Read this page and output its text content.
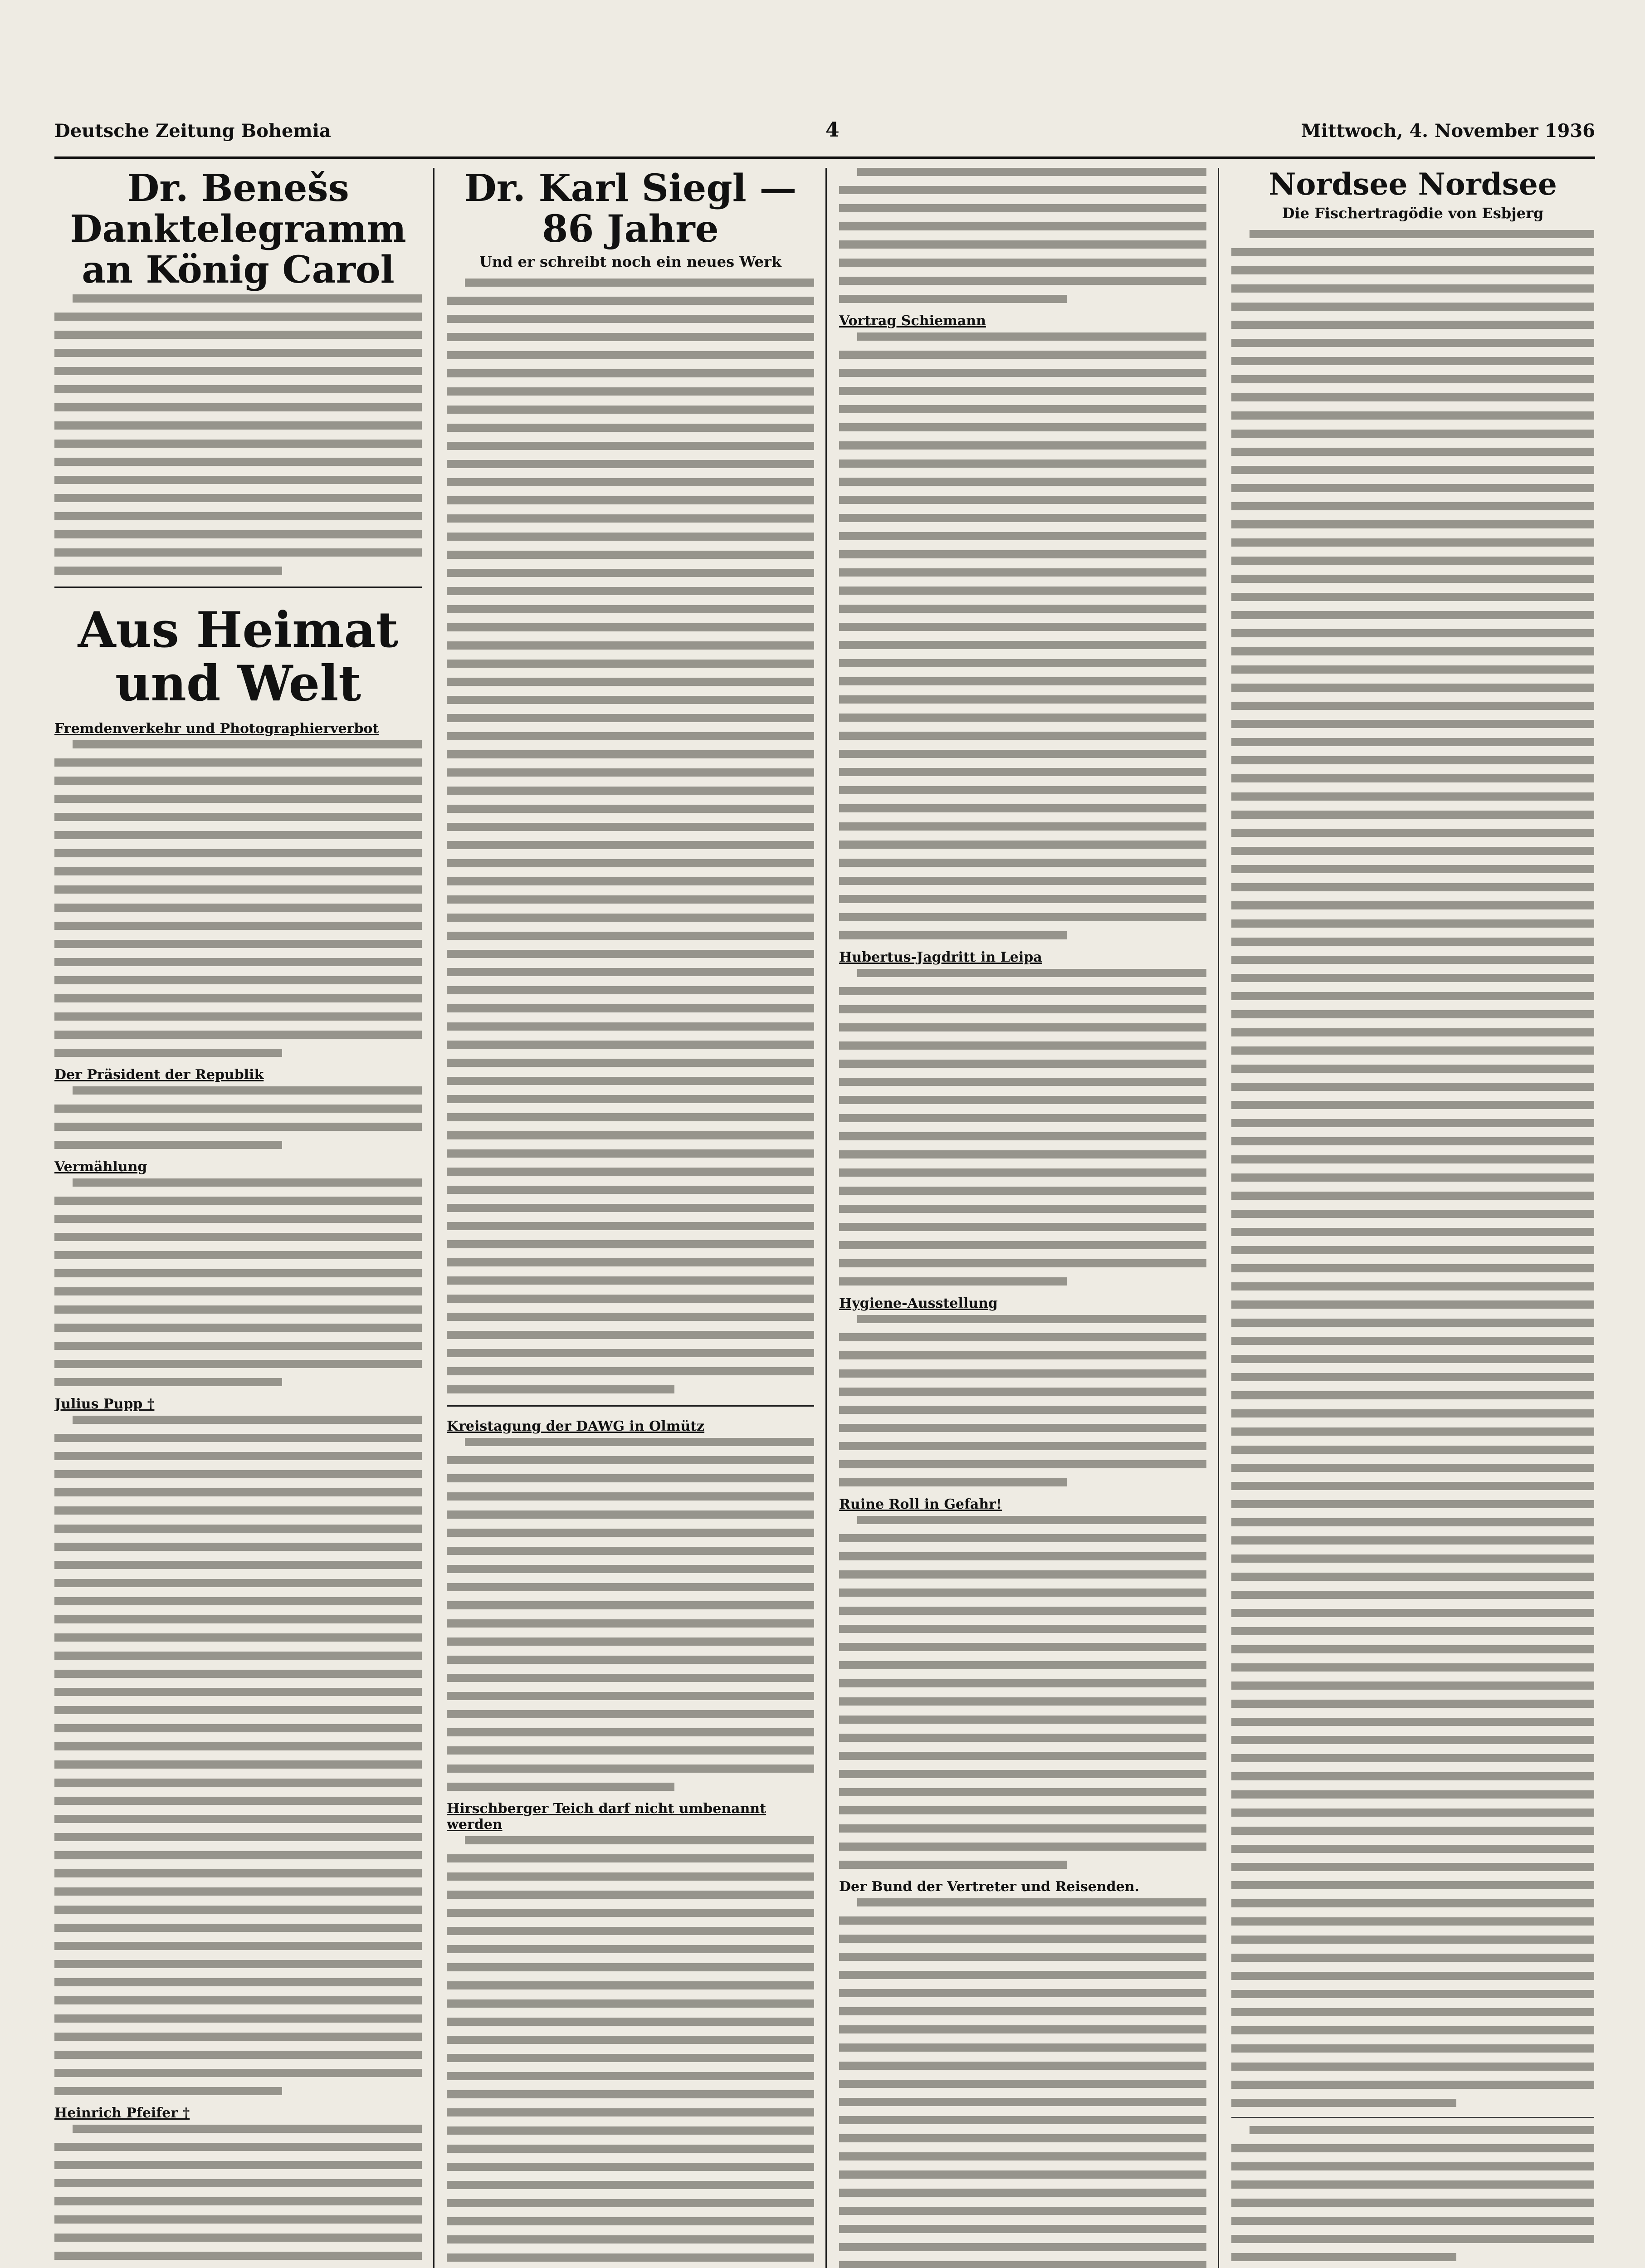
Deutsche Zeitung Bohemia	4	Mittwoch, 4. November 1936
Dr. Benešs Danktelegramm an König Carol
Aus Heimat und Welt
Fremdenverkehr und Photographierverbot
Der Präsident der Republik
Vermählung
Julius Pupp †
Heinrich Pfeifer †
Dr. Karl Siegl — 86 Jahre
Und er schreibt noch ein neues Werk
Kreistagung der DAWG in Olmütz
Hirschberger Teich darf nicht umbenannt werden
Vortrag Schiemann
Hubertus-Jagdritt in Leipa
Hygiene-Ausstellung
Ruine Roll in Gefahr!
Der Bund der Vertreter und Reisenden.
Nordsee Nordsee
Die Fischertragödie von Esbjerg
